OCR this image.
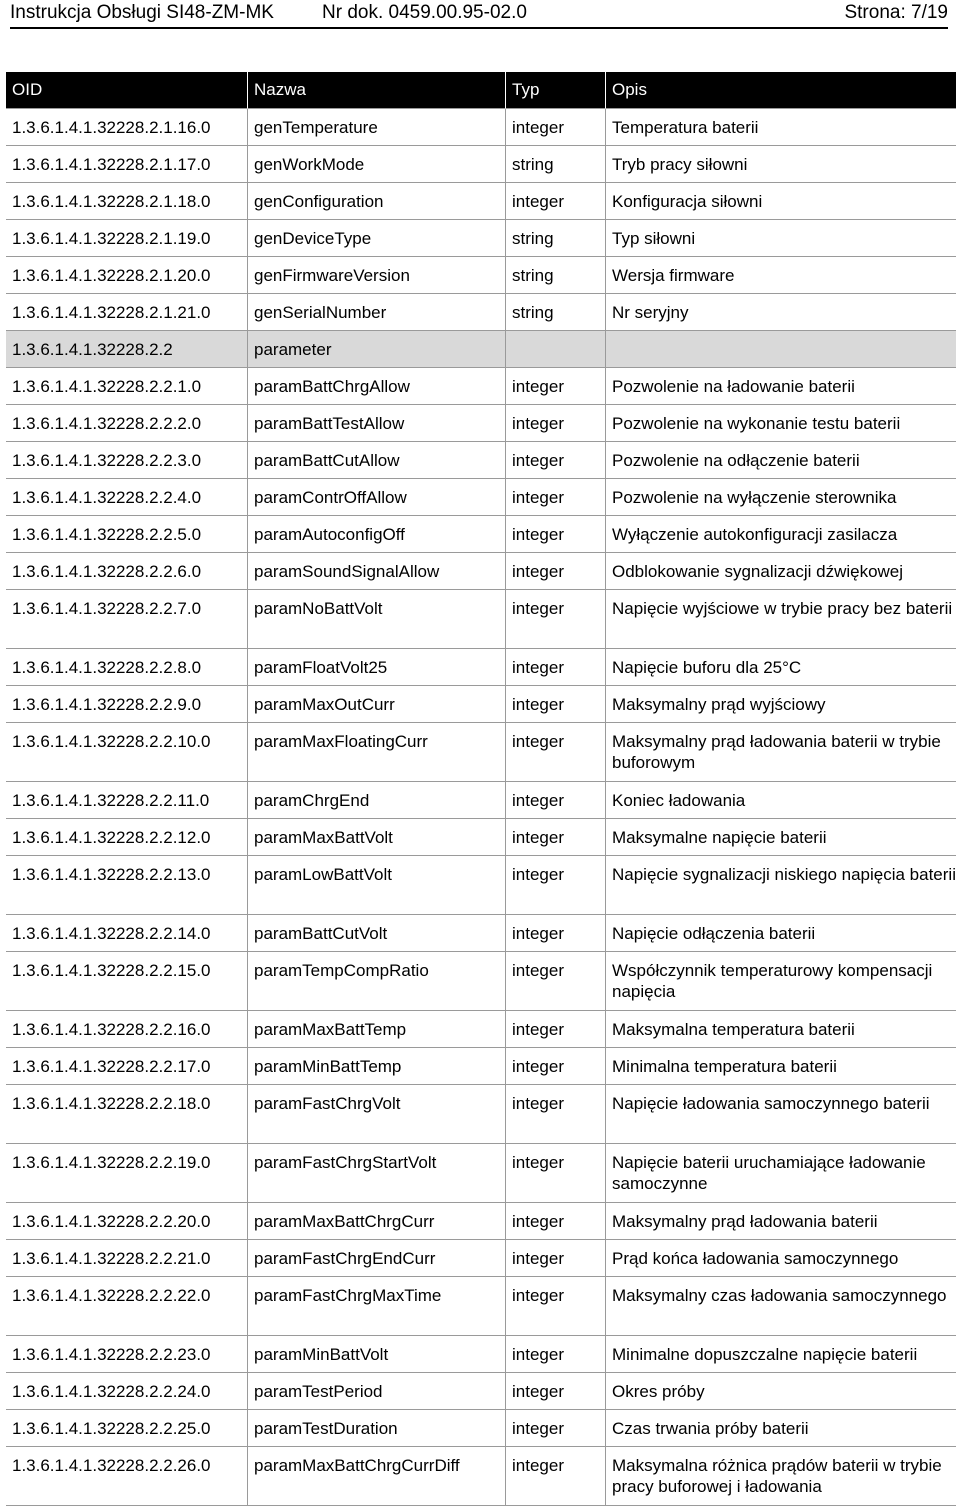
Instrukcja Obsługi SI48-ZM-MK	Nr dok. 0459.00.95-02.0	Strona: 7/19
OID	Nazwa	Typ	Opis
1.3.6.1.4.1.32228.2.1.16.0	genTemperature	integer	Temperatura baterii
1.3.6.1.4.1.32228.2.1.17.0	genWorkMode	string	Tryb pracy siłowni
1.3.6.1.4.1.32228.2.1.18.0	genConfiguration	integer	Konfiguracja siłowni
1.3.6.1.4.1.32228.2.1.19.0	genDeviceType	string	Typ siłowni
1.3.6.1.4.1.32228.2.1.20.0	genFirmwareVersion	string	Wersja firmware
1.3.6.1.4.1.32228.2.1.21.0	genSerialNumber	string	Nr seryjny
1.3.6.1.4.1.32228.2.2	parameter		
1.3.6.1.4.1.32228.2.2.1.0	paramBattChrgAllow	integer	Pozwolenie na ładowanie baterii
1.3.6.1.4.1.32228.2.2.2.0	paramBattTestAllow	integer	Pozwolenie na wykonanie testu baterii
1.3.6.1.4.1.32228.2.2.3.0	paramBattCutAllow	integer	Pozwolenie na odłączenie baterii
1.3.6.1.4.1.32228.2.2.4.0	paramContrOffAllow	integer	Pozwolenie na wyłączenie sterownika
1.3.6.1.4.1.32228.2.2.5.0	paramAutoconfigOff	integer	Wyłączenie autokonfiguracji zasilacza
1.3.6.1.4.1.32228.2.2.6.0	paramSoundSignalAllow	integer	Odblokowanie sygnalizacji dźwiękowej
1.3.6.1.4.1.32228.2.2.7.0	paramNoBattVolt	integer	Napięcie wyjściowe w trybie pracy bez baterii
1.3.6.1.4.1.32228.2.2.8.0	paramFloatVolt25	integer	Napięcie buforu dla 25°C
1.3.6.1.4.1.32228.2.2.9.0	paramMaxOutCurr	integer	Maksymalny prąd wyjściowy
1.3.6.1.4.1.32228.2.2.10.0	paramMaxFloatingCurr	integer	Maksymalny prąd ładowania baterii w trybie buforowym
1.3.6.1.4.1.32228.2.2.11.0	paramChrgEnd	integer	Koniec ładowania
1.3.6.1.4.1.32228.2.2.12.0	paramMaxBattVolt	integer	Maksymalne napięcie baterii
1.3.6.1.4.1.32228.2.2.13.0	paramLowBattVolt	integer	Napięcie sygnalizacji niskiego napięcia baterii
1.3.6.1.4.1.32228.2.2.14.0	paramBattCutVolt	integer	Napięcie odłączenia baterii
1.3.6.1.4.1.32228.2.2.15.0	paramTempCompRatio	integer	Współczynnik temperaturowy kompensacji napięcia
1.3.6.1.4.1.32228.2.2.16.0	paramMaxBattTemp	integer	Maksymalna temperatura baterii
1.3.6.1.4.1.32228.2.2.17.0	paramMinBattTemp	integer	Minimalna temperatura baterii
1.3.6.1.4.1.32228.2.2.18.0	paramFastChrgVolt	integer	Napięcie ładowania samoczynnego baterii
1.3.6.1.4.1.32228.2.2.19.0	paramFastChrgStartVolt	integer	Napięcie baterii uruchamiające ładowanie samoczynne
1.3.6.1.4.1.32228.2.2.20.0	paramMaxBattChrgCurr	integer	Maksymalny prąd ładowania baterii
1.3.6.1.4.1.32228.2.2.21.0	paramFastChrgEndCurr	integer	Prąd końca ładowania samoczynnego
1.3.6.1.4.1.32228.2.2.22.0	paramFastChrgMaxTime	integer	Maksymalny czas ładowania samoczynnego
1.3.6.1.4.1.32228.2.2.23.0	paramMinBattVolt	integer	Minimalne dopuszczalne napięcie baterii
1.3.6.1.4.1.32228.2.2.24.0	paramTestPeriod	integer	Okres próby
1.3.6.1.4.1.32228.2.2.25.0	paramTestDuration	integer	Czas trwania próby baterii
1.3.6.1.4.1.32228.2.2.26.0	paramMaxBattChrgCurrDiff	integer	Maksymalna różnica prądów baterii w trybie pracy buforowej i ładowania
